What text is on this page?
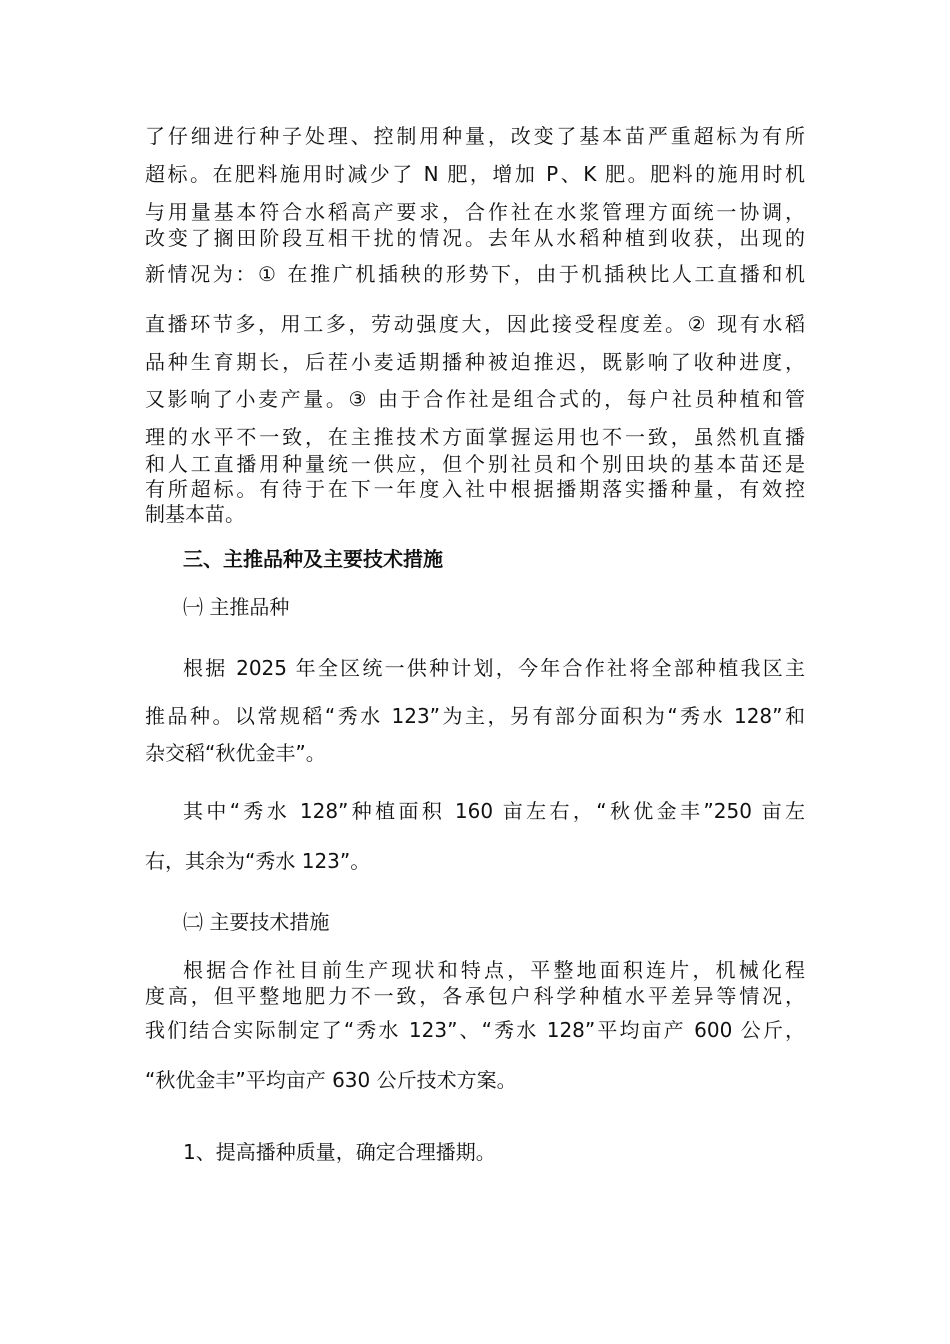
了仔细进行种子处理、控制用种量，改变了基本苗严重超标为有所
超标。在肥料施用时减少了 N 肥，增加 P、K 肥。肥料的施用时机
与用量基本符合水稻高产要求，合作社在水浆管理方面统一协调，
改变了搁田阶段互相干扰的情况。去年从水稻种植到收获，出现的
新情况为：① 在推广机插秧的形势下，由于机插秧比人工直播和机
直播环节多，用工多，劳动强度大，因此接受程度差。② 现有水稻
品种生育期长，后茬小麦适期播种被迫推迟，既影响了收种进度，
又影响了小麦产量。③ 由于合作社是组合式的，每户社员种植和管
理的水平不一致，在主推技术方面掌握运用也不一致，虽然机直播
和人工直播用种量统一供应，但个别社员和个别田块的基本苗还是
有所超标。有待于在下一年度入社中根据播期落实播种量，有效控
制基本苗。
三、主推品种及主要技术措施
㈠ 主推品种
根据 2025 年全区统一供种计划，今年合作社将全部种植我区主
推品种。以常规稻“秀水 123”为主，另有部分面积为“秀水 128”和
杂交稻“秋优金丰”。
其中“秀水 128”种植面积 160 亩左右，“秋优金丰”250 亩左
右，其余为“秀水 123”。
㈡ 主要技术措施
根据合作社目前生产现状和特点，平整地面积连片，机械化程
度高，但平整地肥力不一致，各承包户科学种植水平差异等情况，
我们结合实际制定了“秀水 123”、“秀水 128”平均亩产 600 公斤，
“秋优金丰”平均亩产 630 公斤技术方案。
1、提高播种质量，确定合理播期。
